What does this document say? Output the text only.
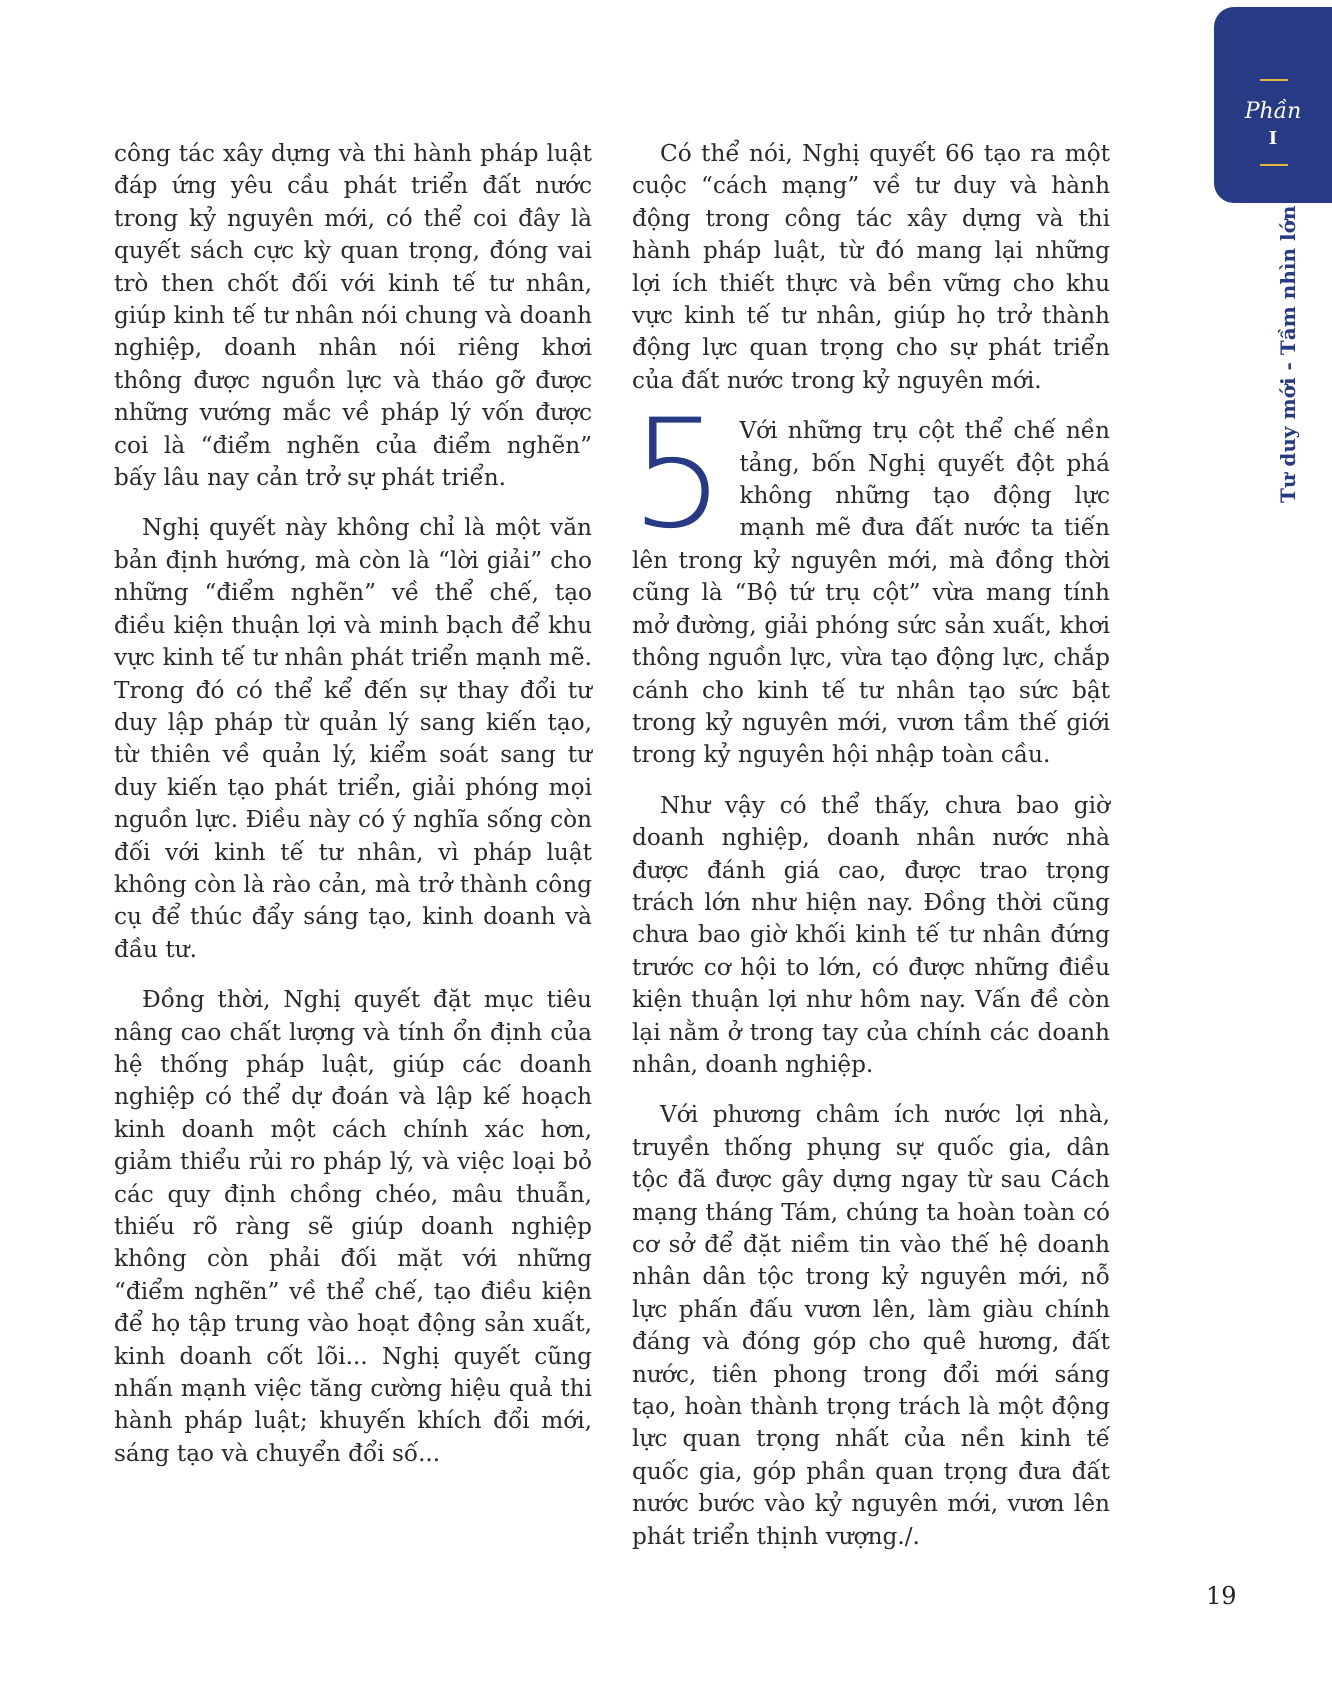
Phần
I
Tư duy mới - Tầm nhìn lớn

công tác xây dựng và thi hành pháp luật đáp ứng yêu cầu phát triển đất nước trong kỷ nguyên mới, có thể coi đây là quyết sách cực kỳ quan trọng, đóng vai trò then chốt đối với kinh tế tư nhân, giúp kinh tế tư nhân nói chung và doanh nghiệp, doanh nhân nói riêng khơi thông được nguồn lực và tháo gỡ được những vướng mắc về pháp lý vốn được coi là “điểm nghẽn của điểm nghẽn” bấy lâu nay cản trở sự phát triển.

Nghị quyết này không chỉ là một văn bản định hướng, mà còn là “lời giải” cho những “điểm nghẽn” về thể chế, tạo điều kiện thuận lợi và minh bạch để khu vực kinh tế tư nhân phát triển mạnh mẽ. Trong đó có thể kể đến sự thay đổi tư duy lập pháp từ quản lý sang kiến tạo, từ thiên về quản lý, kiểm soát sang tư duy kiến tạo phát triển, giải phóng mọi nguồn lực. Điều này có ý nghĩa sống còn đối với kinh tế tư nhân, vì pháp luật không còn là rào cản, mà trở thành công cụ để thúc đẩy sáng tạo, kinh doanh và đầu tư.

Đồng thời, Nghị quyết đặt mục tiêu nâng cao chất lượng và tính ổn định của hệ thống pháp luật, giúp các doanh nghiệp có thể dự đoán và lập kế hoạch kinh doanh một cách chính xác hơn, giảm thiểu rủi ro pháp lý, và việc loại bỏ các quy định chồng chéo, mâu thuẫn, thiếu rõ ràng sẽ giúp doanh nghiệp không còn phải đối mặt với những “điểm nghẽn” về thể chế, tạo điều kiện để họ tập trung vào hoạt động sản xuất, kinh doanh cốt lõi... Nghị quyết cũng nhấn mạnh việc tăng cường hiệu quả thi hành pháp luật; khuyến khích đổi mới, sáng tạo và chuyển đổi số...

Có thể nói, Nghị quyết 66 tạo ra một cuộc “cách mạng” về tư duy và hành động trong công tác xây dựng và thi hành pháp luật, từ đó mang lại những lợi ích thiết thực và bền vững cho khu vực kinh tế tư nhân, giúp họ trở thành động lực quan trọng cho sự phát triển của đất nước trong kỷ nguyên mới.

5 Với những trụ cột thể chế nền tảng, bốn Nghị quyết đột phá không những tạo động lực mạnh mẽ đưa đất nước ta tiến lên trong kỷ nguyên mới, mà đồng thời cũng là “Bộ tứ trụ cột” vừa mang tính mở đường, giải phóng sức sản xuất, khơi thông nguồn lực, vừa tạo động lực, chắp cánh cho kinh tế tư nhân tạo sức bật trong kỷ nguyên mới, vươn tầm thế giới trong kỷ nguyên hội nhập toàn cầu.

Như vậy có thể thấy, chưa bao giờ doanh nghiệp, doanh nhân nước nhà được đánh giá cao, được trao trọng trách lớn như hiện nay. Đồng thời cũng chưa bao giờ khối kinh tế tư nhân đứng trước cơ hội to lớn, có được những điều kiện thuận lợi như hôm nay. Vấn đề còn lại nằm ở trong tay của chính các doanh nhân, doanh nghiệp.

Với phương châm ích nước lợi nhà, truyền thống phụng sự quốc gia, dân tộc đã được gây dựng ngay từ sau Cách mạng tháng Tám, chúng ta hoàn toàn có cơ sở để đặt niềm tin vào thế hệ doanh nhân dân tộc trong kỷ nguyên mới, nỗ lực phấn đấu vươn lên, làm giàu chính đáng và đóng góp cho quê hương, đất nước, tiên phong trong đổi mới sáng tạo, hoàn thành trọng trách là một động lực quan trọng nhất của nền kinh tế quốc gia, góp phần quan trọng đưa đất nước bước vào kỷ nguyên mới, vươn lên phát triển thịnh vượng./.

19
